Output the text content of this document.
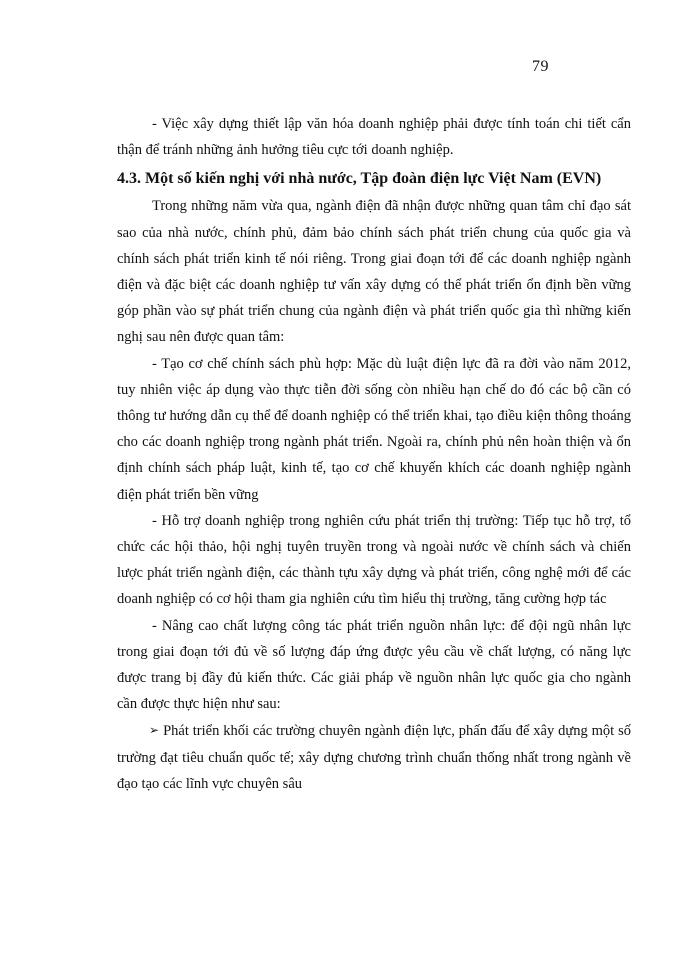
79

- Việc xây dựng thiết lập văn hóa doanh nghiệp phải được tính toán chi tiết cẩn thận để tránh những ảnh hưởng tiêu cực tới doanh nghiệp.

4.3. Một số kiến nghị với nhà nước, Tập đoàn điện lực Việt Nam (EVN)

Trong những năm vừa qua, ngành điện đã nhận được những quan tâm chỉ đạo sát sao của nhà nước, chính phủ, đảm bảo chính sách phát triển chung của quốc gia và chính sách phát triển kinh tế nói riêng. Trong giai đoạn tới để các doanh nghiệp ngành điện và đặc biệt các doanh nghiệp tư vấn xây dựng có thể phát triển ổn định bền vững góp phần vào sự phát triển chung của ngành điện và phát triển quốc gia thì những kiến nghị sau nên được quan tâm:

- Tạo cơ chế chính sách phù hợp: Mặc dù luật điện lực đã ra đời vào năm 2012, tuy nhiên việc áp dụng vào thực tiễn đời sống còn nhiều hạn chế do đó các bộ cần có thông tư hướng dẫn cụ thể để doanh nghiệp có thể triển khai, tạo điều kiện thông thoáng cho các doanh nghiệp trong ngành phát triển. Ngoài ra, chính phủ nên hoàn thiện và ổn định chính sách pháp luật, kinh tế, tạo cơ chế khuyến khích các doanh nghiệp ngành điện phát triển bền vững

- Hỗ trợ doanh nghiệp trong nghiên cứu phát triển thị trường: Tiếp tục hỗ trợ, tổ chức các hội thảo, hội nghị tuyên truyền trong và ngoài nước về chính sách và chiến lược phát triển ngành điện, các thành tựu xây dựng và phát triển, công nghệ mới để các doanh nghiệp có cơ hội tham gia nghiên cứu tìm hiểu thị trường, tăng cường hợp tác

- Nâng cao chất lượng công tác phát triển nguồn nhân lực: để đội ngũ nhân lực trong giai đoạn tới đủ về số lượng đáp ứng được yêu cầu về chất lượng, có năng lực được trang bị đầy đủ kiến thức. Các giải pháp về nguồn nhân lực quốc gia cho ngành cần được thực hiện như sau:

➢ Phát triển khối các trường chuyên ngành điện lực, phấn đấu để xây dựng một số trường đạt tiêu chuẩn quốc tế; xây dựng chương trình chuẩn thống nhất trong ngành về đạo tạo các lĩnh vực chuyên sâu
